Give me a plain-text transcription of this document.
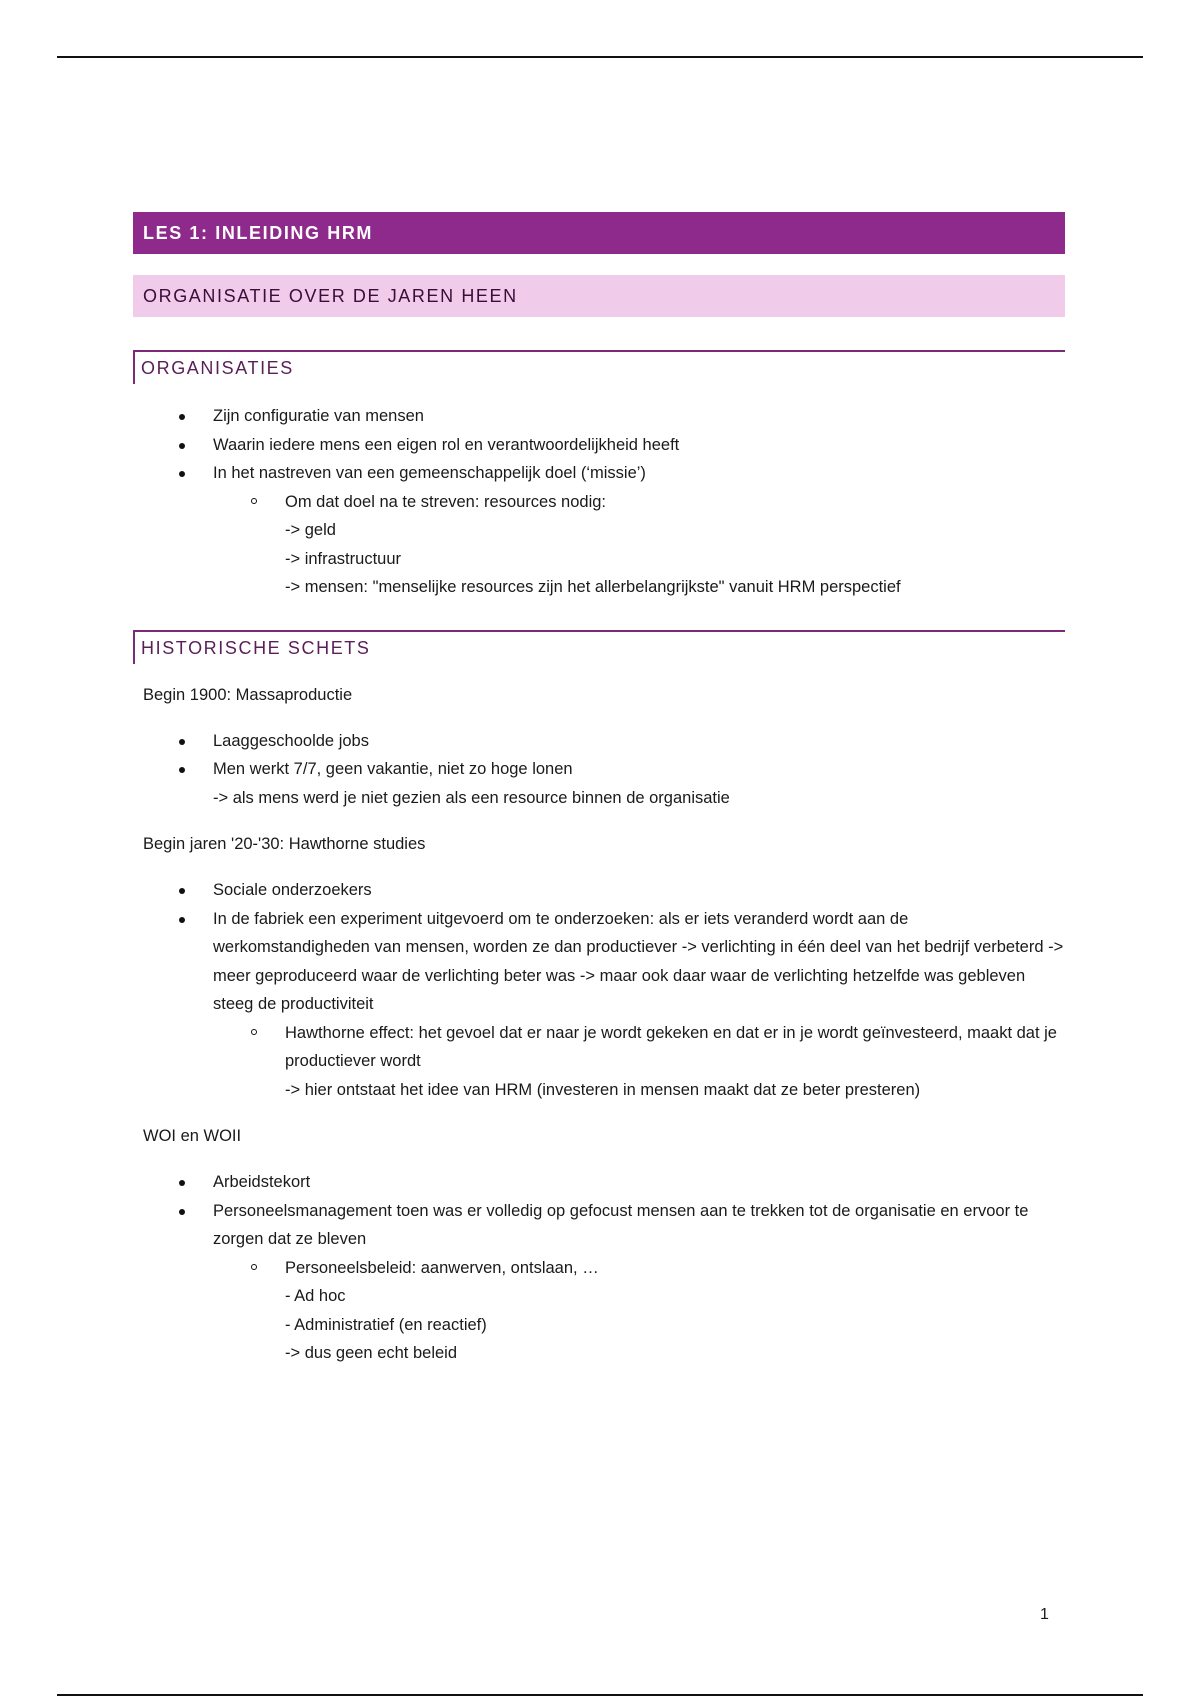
LES 1: INLEIDING HRM
ORGANISATIE OVER DE JAREN HEEN
ORGANISATIES
Zijn configuratie van mensen
Waarin iedere mens een eigen rol en verantwoordelijkheid heeft
In het nastreven van een gemeenschappelijk doel (‘missie’)
Om dat doel na te streven: resources nodig:
-> geld
-> infrastructuur
-> mensen: "menselijke resources zijn het allerbelangrijkste" vanuit HRM perspectief
HISTORISCHE SCHETS
Begin 1900: Massaproductie
Laaggeschoolde jobs
Men werkt 7/7, geen vakantie, niet zo hoge lonen
-> als mens werd je niet gezien als een resource binnen de organisatie
Begin jaren '20-'30: Hawthorne studies
Sociale onderzoekers
In de fabriek een experiment uitgevoerd om te onderzoeken: als er iets veranderd wordt aan de werkomstandigheden van mensen, worden ze dan productiever -> verlichting in één deel van het bedrijf verbeterd -> meer geproduceerd waar de verlichting beter was -> maar ook daar waar de verlichting hetzelfde was gebleven steeg de productiviteit
Hawthorne effect: het gevoel dat er naar je wordt gekeken en dat er in je wordt geïnvesteerd, maakt dat je productiever wordt
-> hier ontstaat het idee van HRM (investeren in mensen maakt dat ze beter presteren)
WOI en WOII
Arbeidstekort
Personeelsmanagement toen was er volledig op gefocust mensen aan te trekken tot de organisatie en ervoor te zorgen dat ze bleven
Personeelsbeleid: aanwerven, ontslaan, …
- Ad hoc
- Administratief (en reactief)
-> dus geen echt beleid
1
